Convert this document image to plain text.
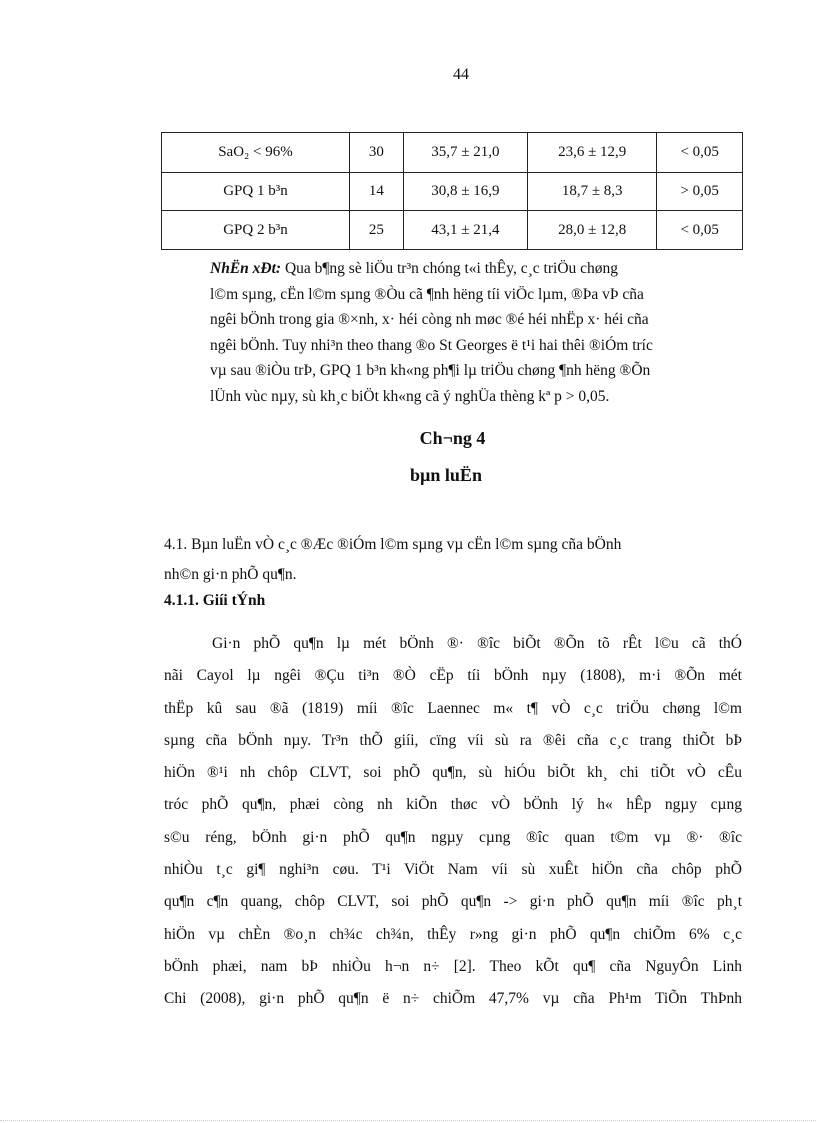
44
SaO₂ < 96%	30	35,7 ± 21,0	23,6 ± 12,9	< 0,05
GPQ 1 b³n	14	30,8 ± 16,9	18,7 ± 8,3	> 0,05
GPQ 2 b³n	25	43,1 ± 21,4	28,0 ± 12,8	< 0,05

NhËn xÐt: Qua b¶ng sè liÖu tr³n chóng t«i thÊy, c¸c triÖu chøng
l©m sµng, cËn l©m sµng ®Òu cã ¶nh hëng tíi viÖc lµm, ®Þa vÞ cña
ngêi bÖnh trong gia ®×nh, x· héi còng nh møc ®é héi nhËp x· héi cña
ngêi bÖnh. Tuy nhi³n theo thang ®o St Georges ë t¹i hai thêi ®iÓm tríc
vµ sau ®iÒu trÞ, GPQ 1 b³n kh«ng ph¶i lµ triÖu chøng ¶nh hëng ®Õn
lÜnh vùc nµy, sù kh¸c biÖt kh«ng cã ý nghÜa thèng kª p > 0,05.

Ch¬ng 4
bµn luËn
4.1. Bµn luËn vÒ c¸c ®Æc ®iÓm l©m sµng vµ cËn l©m sµng cña bÖnh
nh©n gi·n phÕ qu¶n.
4.1.1. Giíi tÝnh
Gi·n phÕ qu¶n lµ mét bÖnh ®· ®îc biÕt ®Õn tõ rÊt l©u cã thÓ
nãi Cayol lµ ngêi ®Çu ti³n ®Ò cËp tíi bÖnh nµy (1808), m·i ®Õn mét
thËp kû sau ®ã (1819) míi ®îc Laennec m« t¶ vÒ c¸c triÖu chøng l©m
sµng cña bÖnh nµy. Tr³n thÕ giíi, cïng víi sù ra ®êi cña c¸c trang thiÕt bÞ
hiÖn ®¹i nh chôp CLVT, soi phÕ qu¶n, sù hiÓu biÕt kh¸ chi tiÕt vÒ cÊu
tróc phÕ qu¶n, phæi còng nh kiÕn thøc vÒ bÖnh lý h« hÊp ngµy cµng
s©u réng, bÖnh gi·n phÕ qu¶n ngµy cµng ®îc quan t©m vµ ®· ®îc
nhiÒu t¸c gi¶ nghi³n cøu. T¹i ViÖt Nam víi sù xuÊt hiÖn cña chôp phÕ
qu¶n c¶n quang, chôp CLVT, soi phÕ qu¶n -> gi·n phÕ qu¶n míi ®îc ph¸t
hiÖn vµ chÈn ®o¸n ch¾c ch¾n, thÊy r»ng gi·n phÕ qu¶n chiÕm 6% c¸c
bÖnh phæi, nam bÞ nhiÒu h¬n n÷ [2]. Theo kÕt qu¶ cña NguyÔn Linh
Chi (2008), gi·n phÕ qu¶n ë n÷ chiÕm 47,7% vµ cña Ph¹m TiÕn ThÞnh
